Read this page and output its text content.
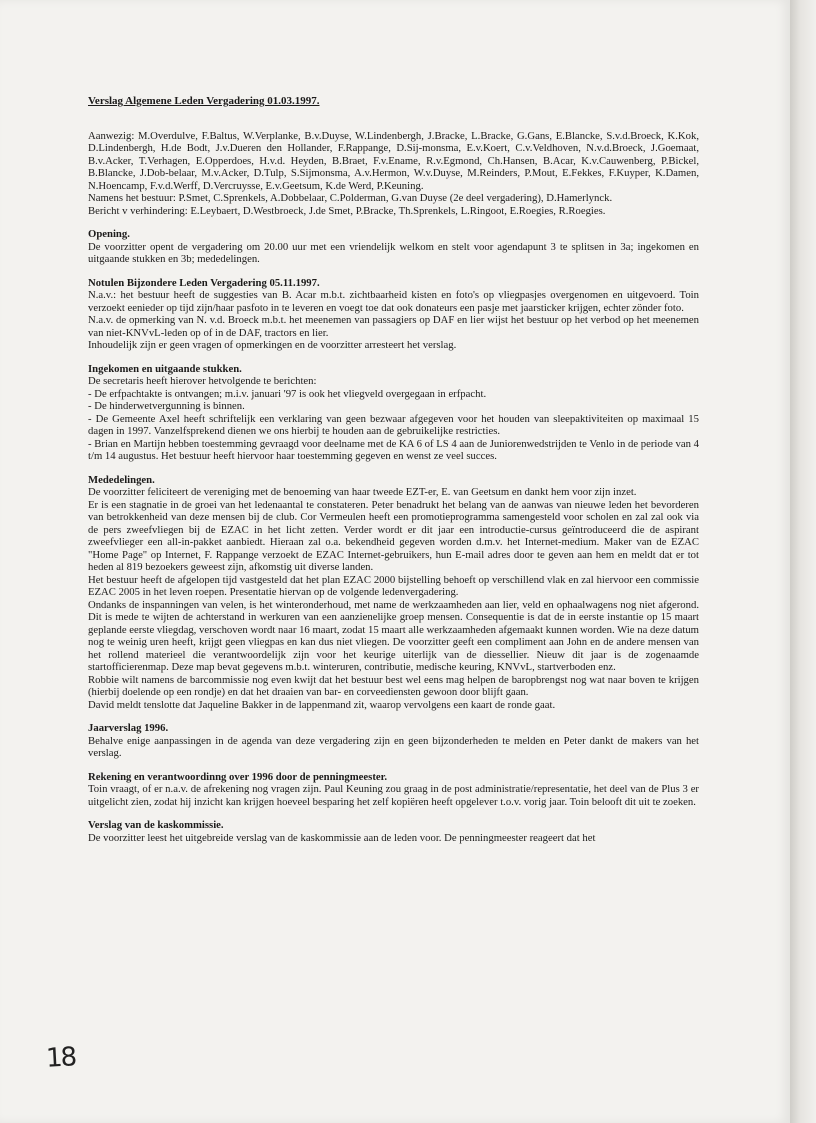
Verslag Algemene Leden Vergadering 01.03.1997.

Aanwezig: M.Overdulve, F.Baltus, W.Verplanke, B.v.Duyse, W.Lindenbergh, J.Bracke, L.Bracke, G.Gans, E.Blancke, S.v.d.Broeck, K.Kok, D.Lindenbergh, H.de Bodt, J.v.Dueren den Hollander, F.Rappange, D.Sij-monsma, E.v.Koert, C.v.Veldhoven, N.v.d.Broeck, J.Goemaat, B.v.Acker, T.Verhagen, E.Opperdoes, H.v.d. Heyden, B.Braet, F.v.Ename, R.v.Egmond, Ch.Hansen, B.Acar, K.v.Cauwenberg, P.Bickel, B.Blancke, J.Dob-belaar, M.v.Acker, D.Tulp, S.Sijmonsma, A.v.Hermon, W.v.Duyse, M.Reinders, P.Mout, E.Fekkes, F.Kuyper, K.Damen, N.Hoencamp, F.v.d.Werff, D.Vercruysse, E.v.Geetsum, K.de Werd, P.Keuning.

Namens het bestuur: P.Smet, C.Sprenkels, A.Dobbelaar, C.Polderman, G.van Duyse (2e deel vergadering), D.Hamerlynck.

Bericht v verhindering: E.Leybaert, D.Westbroeck, J.de Smet, P.Bracke, Th.Sprenkels, L.Ringoot, E.Roegies, R.Roegies.

Opening.

De voorzitter opent de vergadering om 20.00 uur met een vriendelijk welkom en stelt voor agendapunt 3 te splitsen in 3a; ingekomen en uitgaande stukken en 3b; mededelingen.

Notulen Bijzondere Leden Vergadering 05.11.1997.

N.a.v.: het bestuur heeft de suggesties van B. Acar m.b.t. zichtbaarheid kisten en foto's op vliegpasjes overgenomen en uitgevoerd. Toin verzoekt eenieder op tijd zijn/haar pasfoto in te leveren en voegt toe dat ook donateurs een pasje met jaarsticker krijgen, echter zönder foto.

N.a.v. de opmerking van N. v.d. Broeck m.b.t. het meenemen van passagiers op DAF en lier wijst het bestuur op het verbod op het meenemen van niet-KNVvL-leden op of in de DAF, tractors en lier.

Inhoudelijk zijn er geen vragen of opmerkingen en de voorzitter arresteert het verslag.

Ingekomen en uitgaande stukken.

De secretaris heeft hierover hetvolgende te berichten:

- De erfpachtakte is ontvangen; m.i.v. januari '97 is ook het vliegveld overgegaan in erfpacht.

- De hinderwetvergunning is binnen.

- De Gemeente Axel heeft schriftelijk een verklaring van geen bezwaar afgegeven voor het houden van sleepaktiviteiten op maximaal 15 dagen in 1997. Vanzelfsprekend dienen we ons hierbij te houden aan de gebruikelijke restricties.

- Brian en Martijn hebben toestemming gevraagd voor deelname met de KA 6 of LS 4 aan de Juniorenwedstrijden te Venlo in de periode van 4 t/m 14 augustus. Het bestuur heeft hiervoor haar toestemming gegeven en wenst ze veel succes.

Mededelingen.

De voorzitter feliciteert de vereniging met de benoeming van haar tweede EZT-er, E. van Geetsum en dankt hem voor zijn inzet.

Er is een stagnatie in de groei van het ledenaantal te constateren. Peter benadrukt het belang van de aanwas van nieuwe leden het bevorderen van betrokkenheid van deze mensen bij de club. Cor Vermeulen heeft een promotieprogramma samengesteld voor scholen en zal zal ook via de pers zweefvliegen bij de EZAC in het licht zetten. Verder wordt er dit jaar een introductie-cursus geïntroduceerd die de aspirant zweefvlieger een all-in-pakket aanbiedt. Hieraan zal o.a. bekendheid gegeven worden d.m.v. het Internet-medium. Maker van de EZAC "Home Page" op Internet, F. Rappange verzoekt de EZAC Internet-gebruikers, hun E-mail adres door te geven aan hem en meldt dat er tot heden al 819 bezoekers geweest zijn, afkomstig uit diverse landen.

Het bestuur heeft de afgelopen tijd vastgesteld dat het plan EZAC 2000 bijstelling behoeft op verschillend vlak en zal hiervoor een commissie EZAC 2005 in het leven roepen. Presentatie hiervan op de volgende ledenvergadering.

Ondanks de inspanningen van velen, is het winteronderhoud, met name de werkzaamheden aan lier, veld en ophaalwagens nog niet afgerond. Dit is mede te wijten de achterstand in werkuren van een aanzienelijke groep mensen. Consequentie is dat de in eerste instantie op 15 maart geplande eerste vliegdag, verschoven wordt naar 16 maart, zodat 15 maart alle werkzaamheden afgemaakt kunnen worden. Wie na deze datum nog te weinig uren heeft, krijgt geen vliegpas en kan dus niet vliegen. De voorzitter geeft een compliment aan John en de andere mensen van het rollend materieel die verantwoordelijk zijn voor het keurige uiterlijk van de diessellier. Nieuw dit jaar is de zogenaamde startofficierenmap. Deze map bevat gegevens m.b.t. winteruren, contributie, medische keuring, KNVvL, startverboden enz.

Robbie wilt namens de barcommissie nog even kwijt dat het bestuur best wel eens mag helpen de baropbrengst nog wat naar boven te krijgen (hierbij doelende op een rondje) en dat het draaien van bar- en corveediensten gewoon door blijft gaan.

David meldt tenslotte dat Jaqueline Bakker in de lappenmand zit, waarop vervolgens een kaart de ronde gaat.

Jaarverslag 1996.

Behalve enige aanpassingen in de agenda van deze vergadering zijn en geen bijzonderheden te melden en Peter dankt de makers van het verslag.

Rekening en verantwoordinng over 1996 door de penningmeester.

Toin vraagt, of er n.a.v. de afrekening nog vragen zijn. Paul Keuning zou graag in de post administratie/representatie, het deel van de Plus 3 er uitgelicht zien, zodat hij inzicht kan krijgen hoeveel besparing het zelf kopiëren heeft opgelever t.o.v. vorig jaar. Toin belooft dit uit te zoeken.

Verslag van de kaskommissie.

De voorzitter leest het uitgebreide verslag van de kaskommissie aan de leden voor. De penningmeester reageert dat het

18
